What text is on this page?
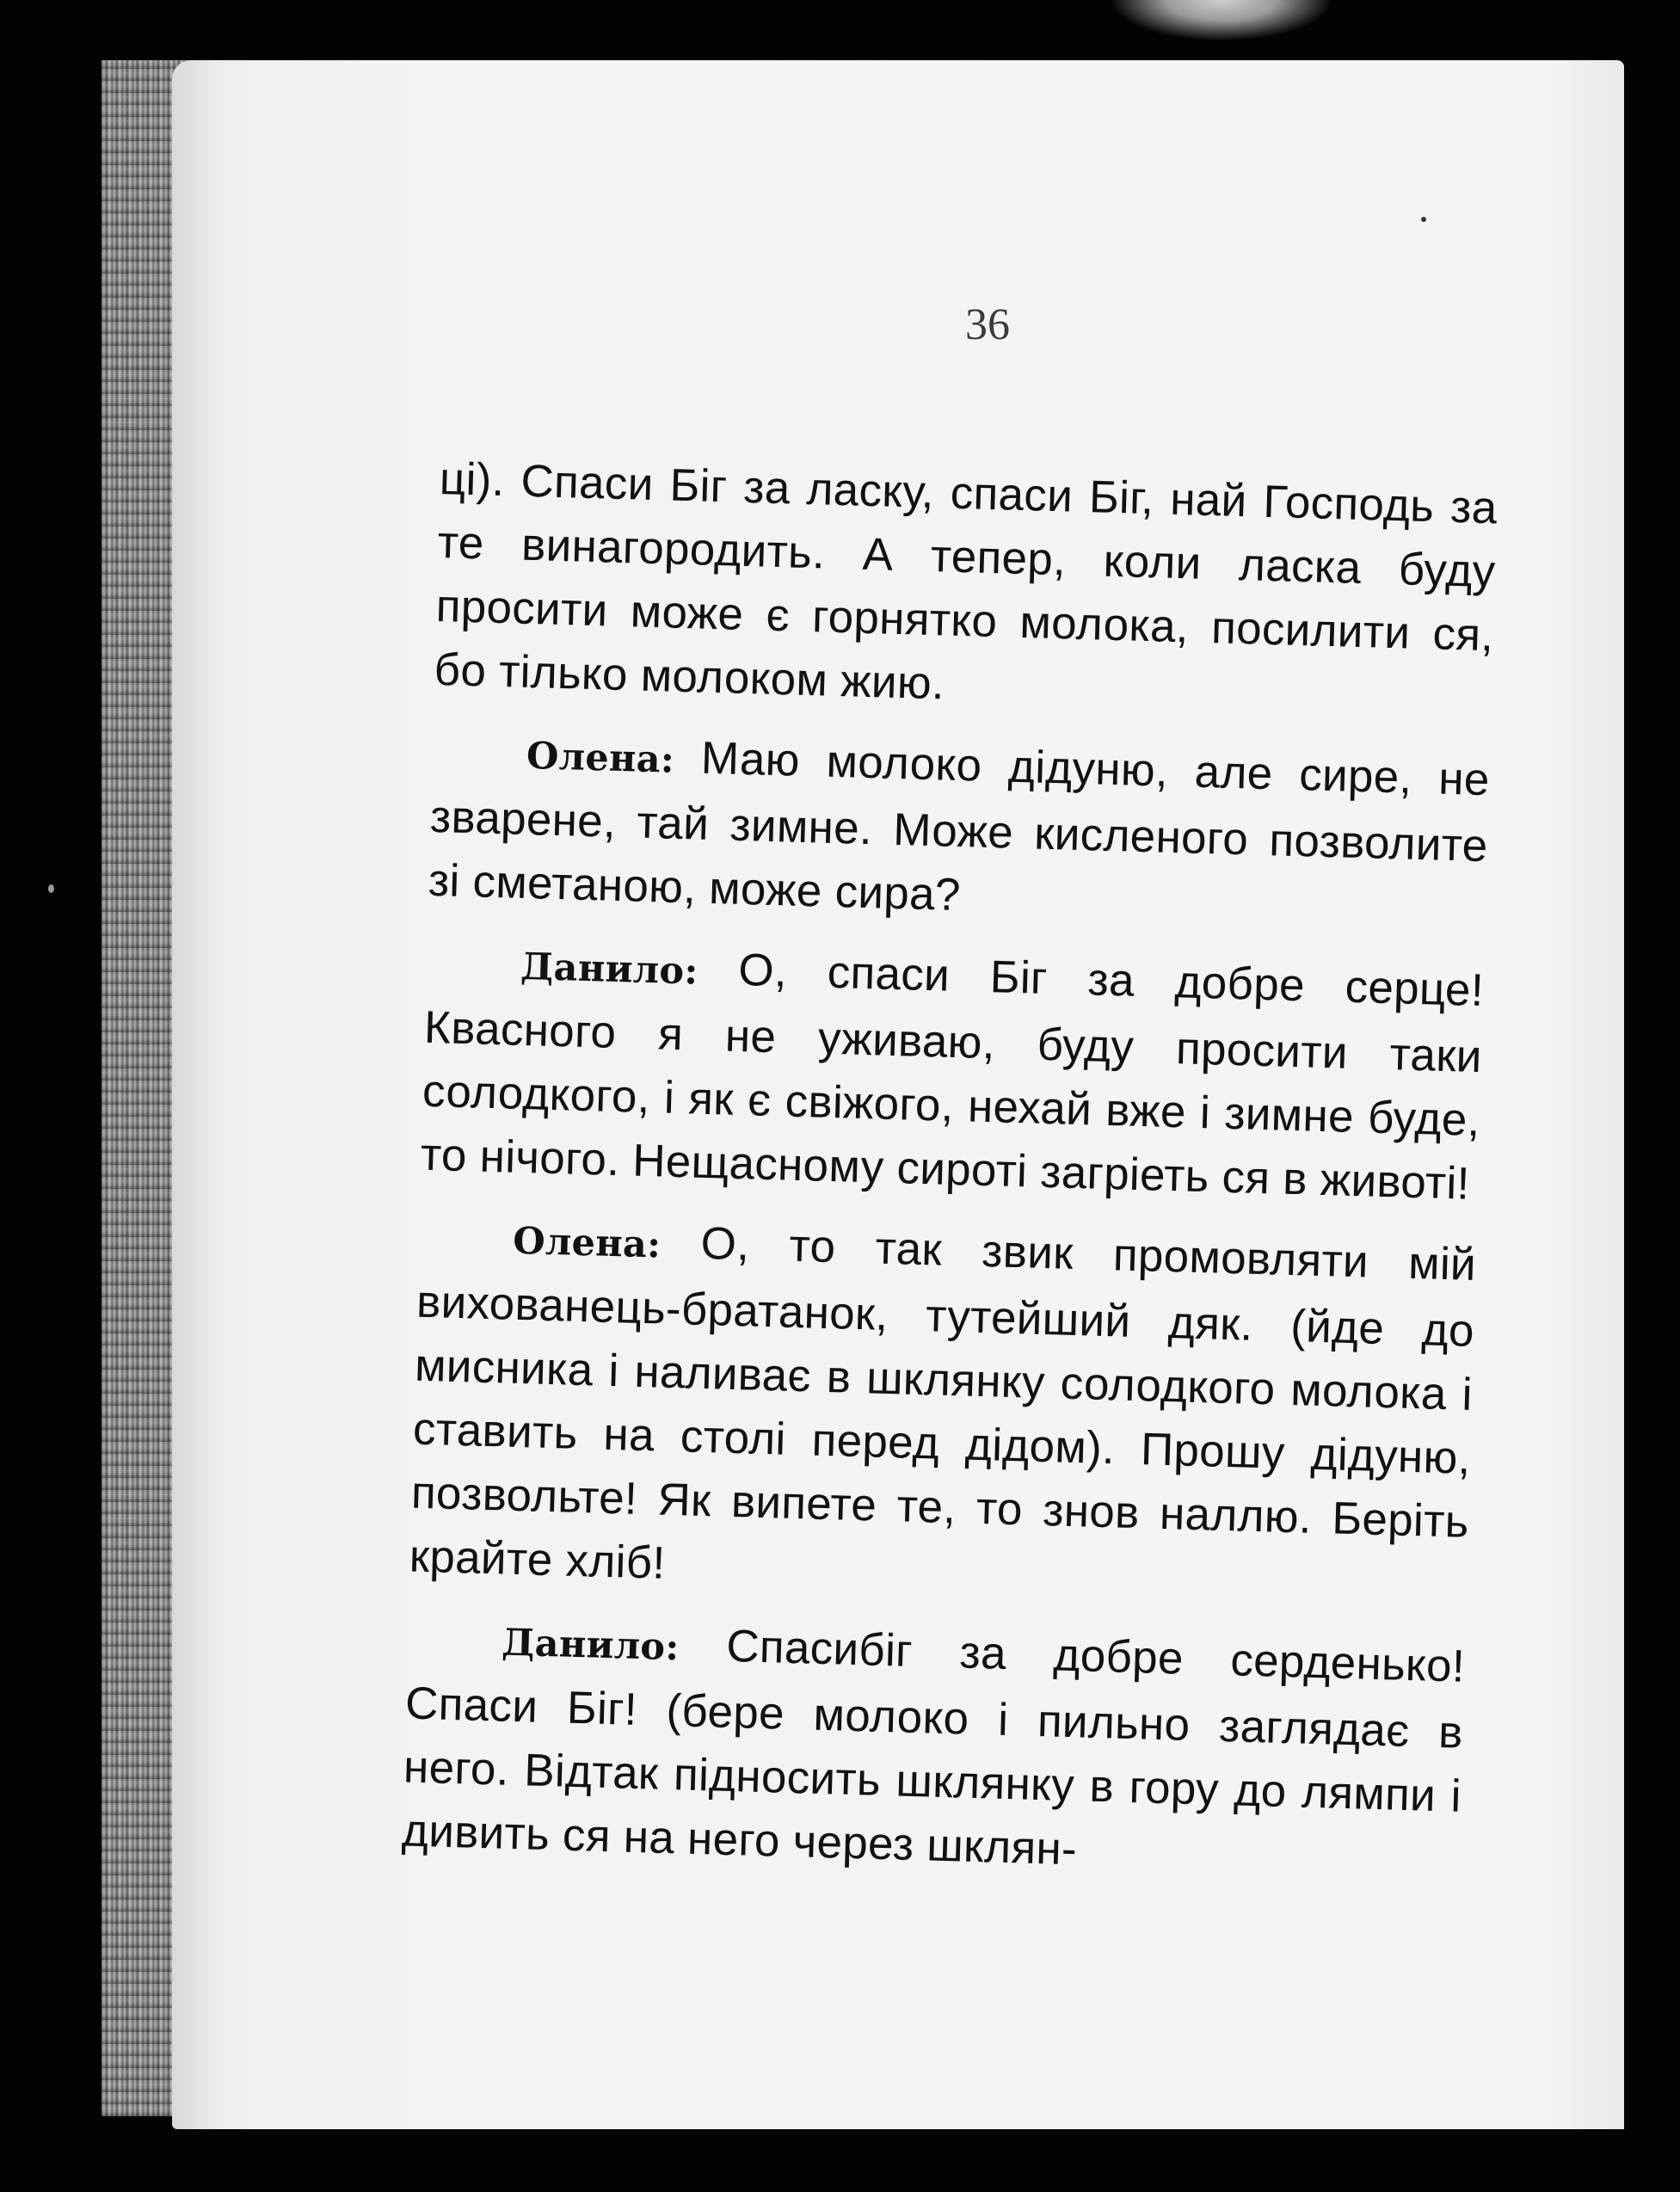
36

ці). Спаси Біг за ласку, спаси Біг, най Господь за те винагородить. А тепер, коли ласка буду просити може є горнятко молока, посилити ся, бо тілько молоком жию.

Олена: Маю молоко дідуню, але сире, не зварене, тай зимне. Може кисленого позволите зі сметаною, може сира?

Данило: О, спаси Біг за добре серце! Квасного я не уживаю, буду просити таки солодкого, і як є свіжого, нехай вже і зимне буде, то нічого. Нещасному сироті загріеть ся в животі!

Олена: О, то так звик промовляти мій вихованець-братанок, тутейший дяк. (йде до мисника і наливає в шклянку солодкого молока і ставить на столі перед дідом). Прошу дідуню, позвольте! Як випете те, то знов наллю. Беріть крайте хліб!

Данило: Спасибіг за добре серденько! Спаси Біг! (бере молоко і пильно заглядає в него. Відтак підносить шклянку в гору до лямпи і дивить ся на него через шклян-
